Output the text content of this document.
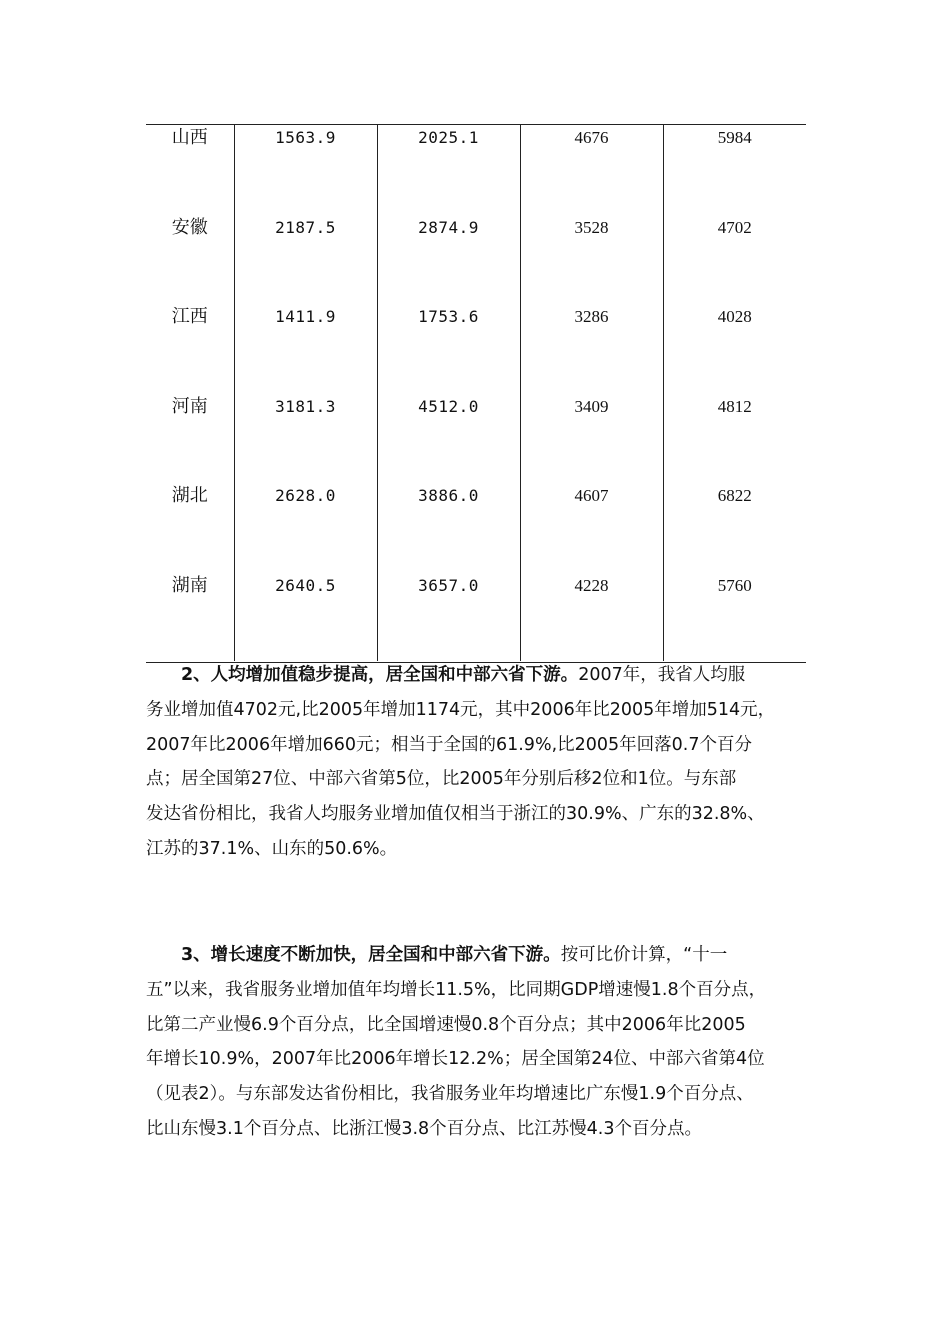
山西	1563.9	2025.1	4676	5984

安徽	2187.5	2874.9	3528	4702

江西	1411.9	1753.6	3286	4028

河南	3181.3	4512.0	3409	4812

湖北	2628.0	3886.0	4607	6822

湖南	2640.5	3657.0	4228	5760

2、人均增加值稳步提高，居全国和中部六省下游。2007年，我省人均服
务业增加值4702元,比2005年增加1174元，其中2006年比2005年增加514元，
2007年比2006年增加660元；相当于全国的61.9%,比2005年回落0.7个百分
点；居全国第27位、中部六省第5位，比2005年分别后移2位和1位。与东部
发达省份相比，我省人均服务业增加值仅相当于浙江的30.9%、广东的32.8%、
江苏的37.1%、山东的50.6%。

3、增长速度不断加快，居全国和中部六省下游。按可比价计算，“十一
五”以来，我省服务业增加值年均增长11.5%，比同期GDP增速慢1.8个百分点，
比第二产业慢6.9个百分点，比全国增速慢0.8个百分点；其中2006年比2005
年增长10.9%，2007年比2006年增长12.2%；居全国第24位、中部六省第4位
（见表2）。与东部发达省份相比，我省服务业年均增速比广东慢1.9个百分点、
比山东慢3.1个百分点、比浙江慢3.8个百分点、比江苏慢4.3个百分点。
